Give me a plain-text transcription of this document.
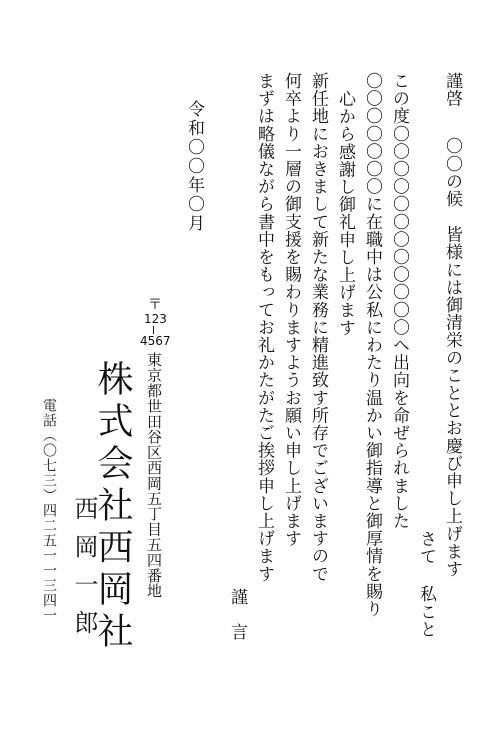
謹啓〇〇の候皆様には御清栄のこととお慶び申し上げます
さて私こと
この度〇〇〇〇〇〇〇〇〇〇〇〇へ出向を命ぜられました
〇〇〇〇〇〇〇に在職中は公私にわたり温かい御指導と御厚情を賜り
心から感謝し御礼申し上げます
新任地におきまして新たな業務に精進致す所存でございますので
何卒より一層の御支援を賜わりますようお願い申し上げます
まずは略儀ながら書中をもってお礼かたがたご挨拶申し上げます
謹言
令和〇〇年〇月
〒
123
4567
東京都世田谷区西岡五丁目五四番地
株式会社西岡社
西岡一郎
電話（〇七三）四二五一一三四一
